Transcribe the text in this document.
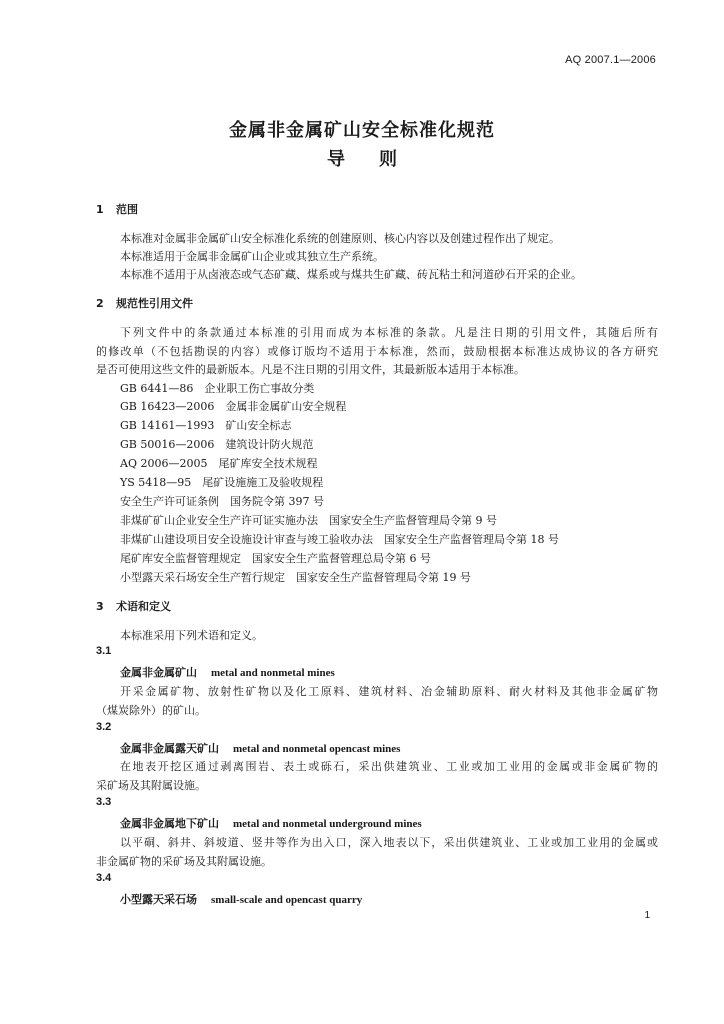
AQ 2007.1—2006
金属非金属矿山安全标准化规范
导则
1 范围
本标准对金属非金属矿山安全标准化系统的创建原则、核心内容以及创建过程作出了规定。
本标准适用于金属非金属矿山企业或其独立生产系统。
本标准不适用于从卤液态或气态矿藏、煤系或与煤共生矿藏、砖瓦粘土和河道砂石开采的企业。
2 规范性引用文件
下列文件中的条款通过本标准的引用而成为本标准的条款。凡是注日期的引用文件，其随后所有
的修改单（不包括勘误的内容）或修订版均不适用于本标准，然而，鼓励根据本标准达成协议的各方研究
是否可使用这些文件的最新版本。凡是不注日期的引用文件，其最新版本适用于本标准。
GB 6441—86　企业职工伤亡事故分类
GB 16423—2006　金属非金属矿山安全规程
GB 14161—1993　矿山安全标志
GB 50016—2006　建筑设计防火规范
AQ 2006—2005　尾矿库安全技术规程
YS 5418—95　尾矿设施施工及验收规程
安全生产许可证条例　国务院令第 397 号
非煤矿矿山企业安全生产许可证实施办法　国家安全生产监督管理局令第 9 号
非煤矿山建设项目安全设施设计审查与竣工验收办法　国家安全生产监督管理局令第 18 号
尾矿库安全监督管理规定　国家安全生产监督管理总局令第 6 号
小型露天采石场安全生产暂行规定　国家安全生产监督管理局令第 19 号
3 术语和定义
本标准采用下列术语和定义。
3.1
金属非金属矿山 metal and nonmetal mines
开采金属矿物、放射性矿物以及化工原料、建筑材料、冶金辅助原料、耐火材料及其他非金属矿物
（煤炭除外）的矿山。
3.2
金属非金属露天矿山 metal and nonmetal opencast mines
在地表开挖区通过剥离围岩、表土或砾石，采出供建筑业、工业或加工业用的金属或非金属矿物的
采矿场及其附属设施。
3.3
金属非金属地下矿山 metal and nonmetal underground mines
以平硐、斜井、斜坡道、竖井等作为出入口，深入地表以下，采出供建筑业、工业或加工业用的金属或
非金属矿物的采矿场及其附属设施。
3.4
小型露天采石场 small-scale and opencast quarry
1
